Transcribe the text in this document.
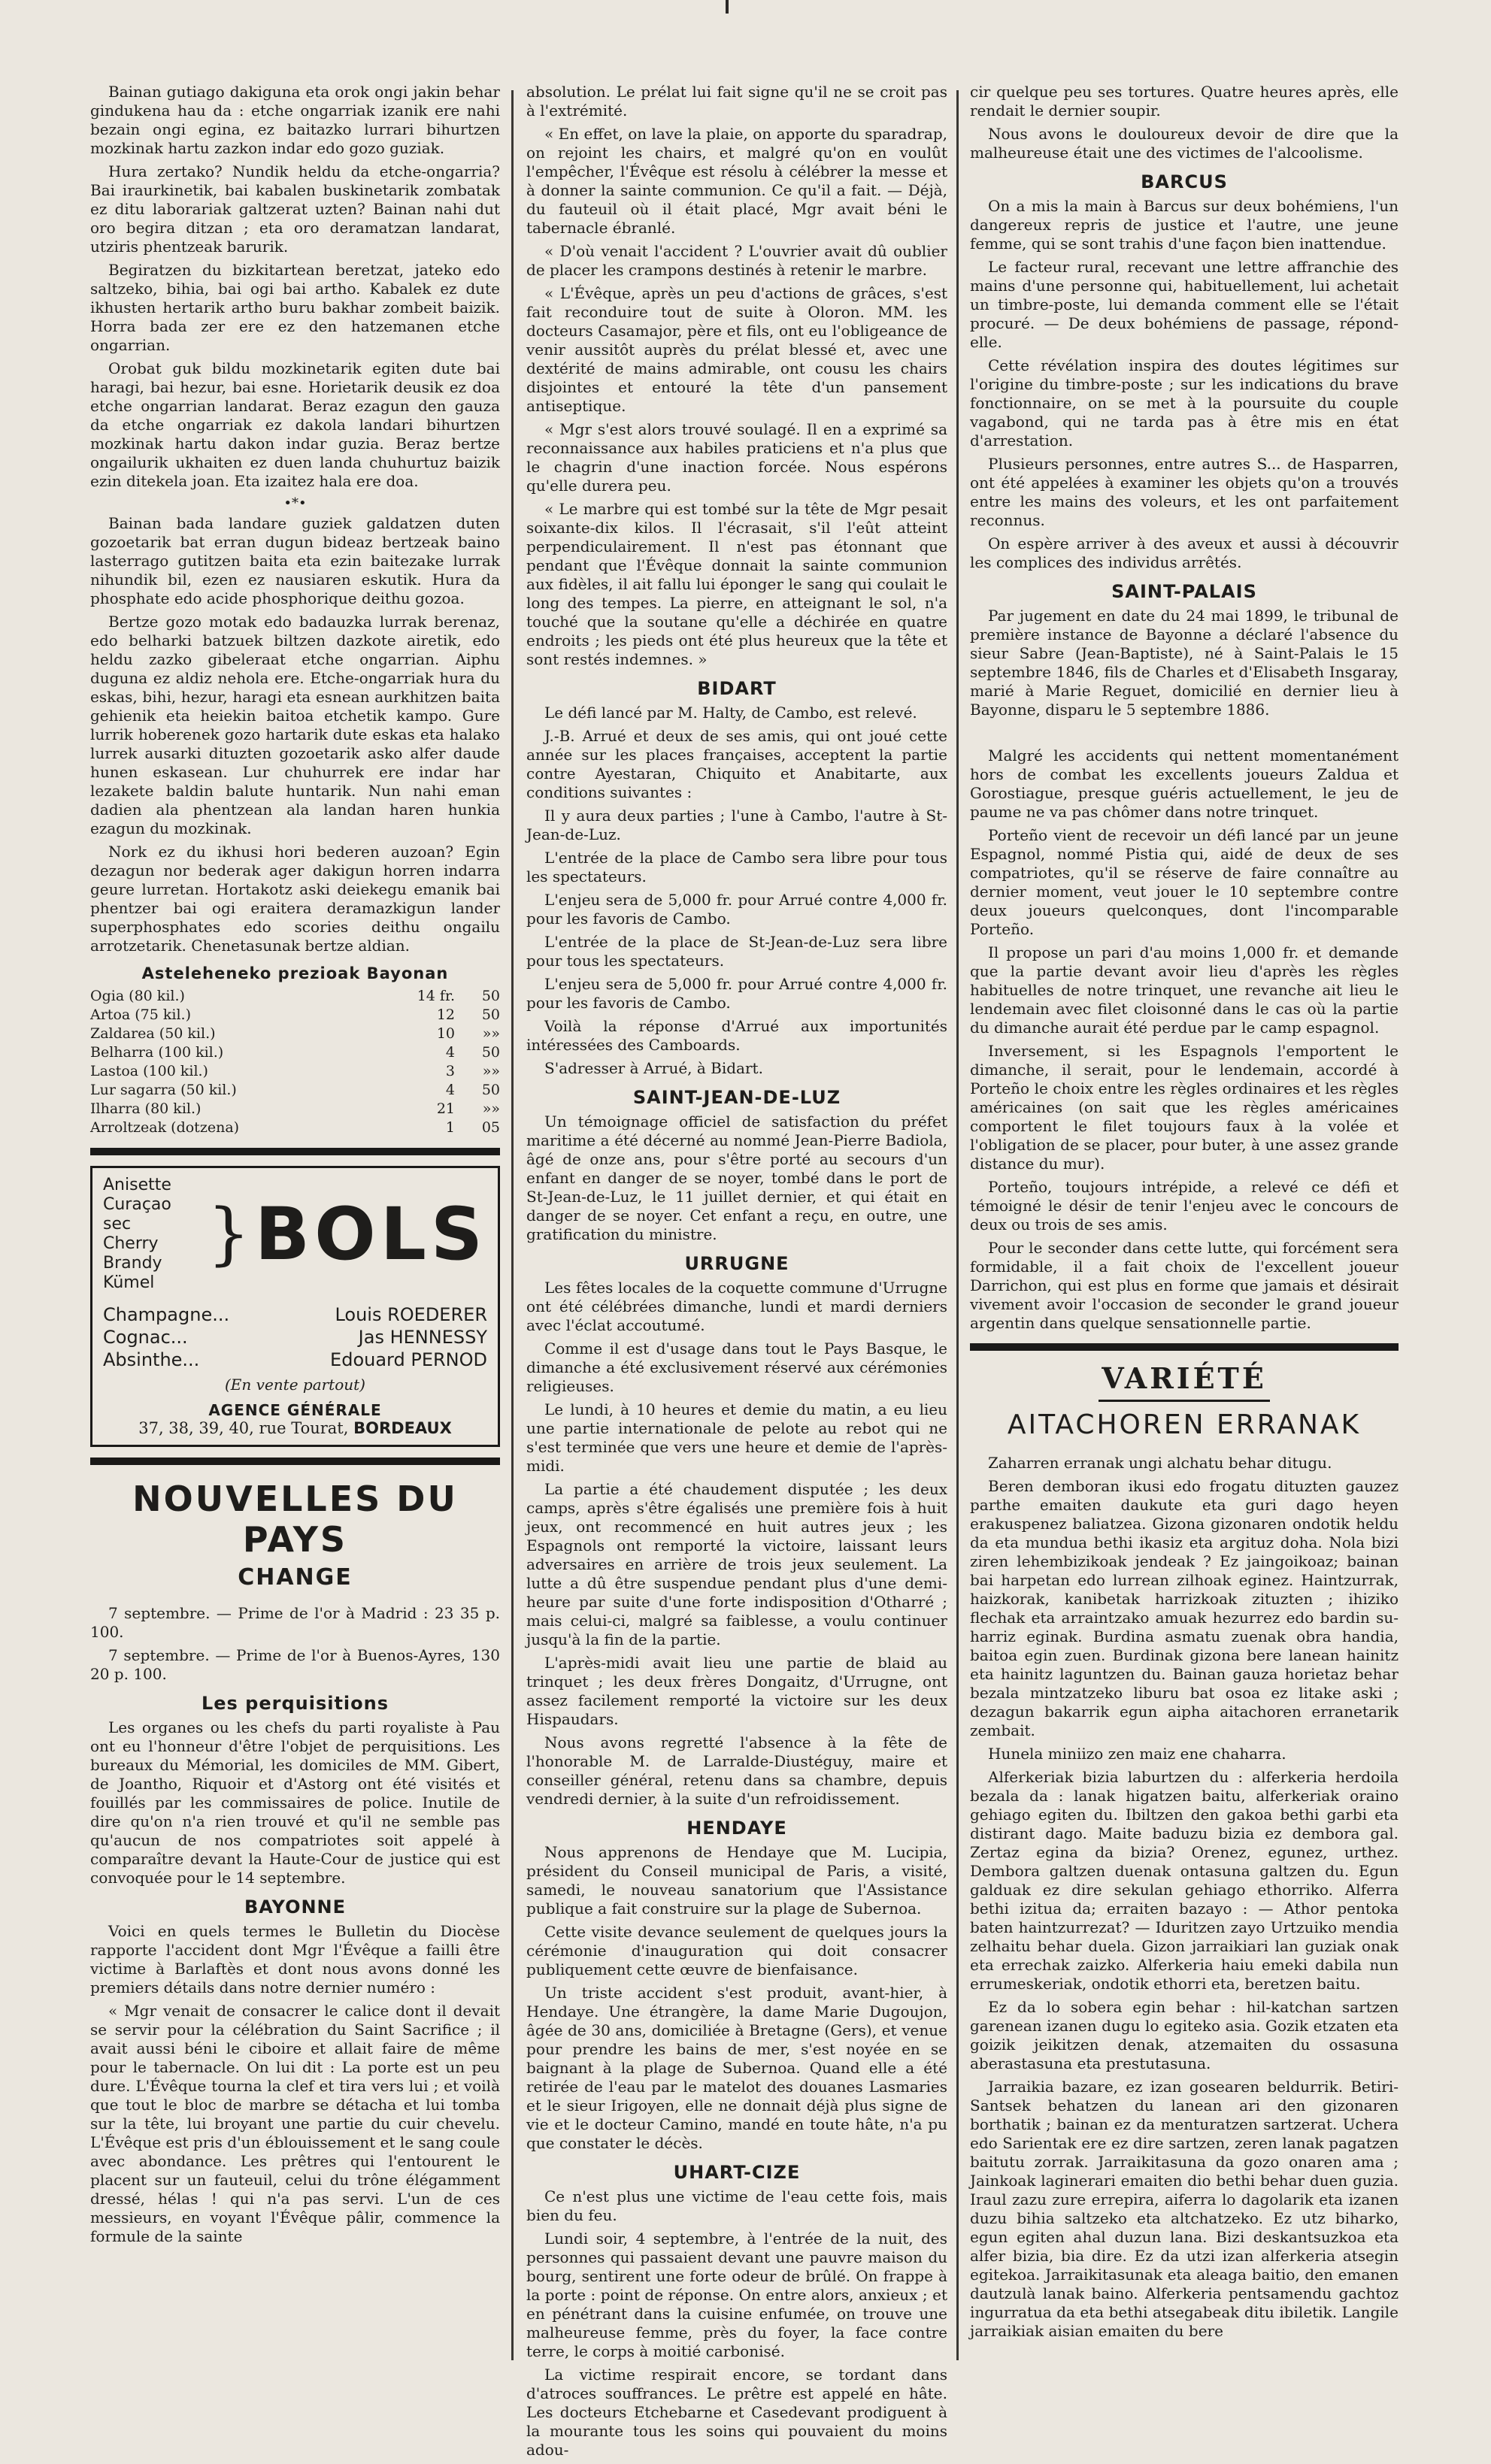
Bainan gutiago dakiguna eta orok ongi jakin behar gindukena hau da : etche ongarriak izanik ere nahi bezain ongi egina, ez baitazko lurrari bihurtzen mozkinak hartu zazkon indar edo gozo guziak.

Hura zertako? Nundik heldu da etche-ongarria? Bai iraurkinetik, bai kabalen buskinetarik zombatak ez ditu laborariak galtzerat uzten? Bainan nahi dut oro begira ditzan ; eta oro deramatzan landarat, utziris phentzeak barurik.

Begiratzen du bizkitartean beretzat, jateko edo saltzeko, bihia, bai ogi bai artho. Kabalek ez dute ikhusten hertarik artho buru bakhar zombeit baizik. Horra bada zer ere ez den hatzemanen etche ongarrian.

Orobat guk bildu mozkinetarik egiten dute bai haragi, bai hezur, bai esne. Horietarik deusik ez doa etche ongarrian landarat. Beraz ezagun den gauza da etche ongarriak ez dakola landari bihurtzen mozkinak hartu dakon indar guzia. Beraz bertze ongailurik ukhaiten ez duen landa chuhurtuz baizik ezin ditekela joan. Eta izaitez hala ere doa.

•*•

Bainan bada landare guziek galdatzen duten gozoetarik bat erran dugun bideaz bertzeak baino lasterrago gutitzen baita eta ezin baitezake lurrak nihundik bil, ezen ez nausiaren eskutik. Hura da phosphate edo acide phosphorique deithu gozoa.

Bertze gozo motak edo badauzka lurrak berenaz, edo belharki batzuek biltzen dazkote airetik, edo heldu zazko gibeleraat etche ongarrian. Aiphu duguna ez aldiz nehola ere. Etche-ongarriak hura du eskas, bihi, hezur, haragi eta esnean aurkhitzen baita gehienik eta heiekin baitoa etchetik kampo. Gure lurrik hoberenek gozo hartarik dute eskas eta halako lurrek ausarki dituzten gozoetarik asko alfer daude hunen eskasean. Lur chuhurrek ere indar har lezakete baldin balute huntarik. Nun nahi eman dadien ala phentzean ala landan haren hunkia ezagun du mozkinak.

Nork ez du ikhusi hori bederen auzoan? Egin dezagun nor bederak ager dakigun horren indarra geure lurretan. Hortakotz aski deiekegu emanik bai phentzer bai ogi eraitera deramazkigun lander superphosphates edo scories deithu ongailu arrotzetarik. Chenetasunak bertze aldian.

Asteleheneko prezioak Bayonan
Ogia (80 kil.)	14 fr.	50
Artoa (75 kil.)	12	50
Zaldarea (50 kil.)	10	»»
Belharra (100 kil.)	4	50
Lastoa (100 kil.)	3	»»
Lur sagarra (50 kil.)	4	50
Ilharra (80 kil.)	21	»»
Arroltzeak (dotzena)	1	05
Anisette
Curaçao sec
Cherry Brandy
Kümel
} BOLS
Champagne...	Louis ROEDERER
Cognac...	Jas HENNESSY
Absinthe...	Edouard PERNOD
(En vente partout)
AGENCE GÉNÉRALE
37, 38, 39, 40, rue Tourat, BORDEAUX
NOUVELLES DU PAYS
CHANGE

7 septembre. — Prime de l'or à Madrid : 23 35 p. 100.

7 septembre. — Prime de l'or à Buenos-Ayres, 130 20 p. 100.

Les perquisitions

Les organes ou les chefs du parti royaliste à Pau ont eu l'honneur d'être l'objet de perquisitions. Les bureaux du Mémorial, les domiciles de MM. Gibert, de Joantho, Riquoir et d'Astorg ont été visités et fouillés par les commissaires de police. Inutile de dire qu'on n'a rien trouvé et qu'il ne semble pas qu'aucun de nos compatriotes soit appelé à comparaître devant la Haute-Cour de justice qui est convoquée pour le 14 septembre.

BAYONNE

Voici en quels termes le Bulletin du Diocèse rapporte l'accident dont Mgr l'Évêque a failli être victime à Barlaftès et dont nous avons donné les premiers détails dans notre dernier numéro :

« Mgr venait de consacrer le calice dont il devait se servir pour la célébration du Saint Sacrifice ; il avait aussi béni le ciboire et allait faire de même pour le tabernacle. On lui dit : La porte est un peu dure. L'Évêque tourna la clef et tira vers lui ; et voilà que tout le bloc de marbre se détacha et lui tomba sur la tête, lui broyant une partie du cuir chevelu. L'Évêque est pris d'un éblouissement et le sang coule avec abondance. Les prêtres qui l'entourent le placent sur un fauteuil, celui du trône élégamment dressé, hélas ! qui n'a pas servi. L'un de ces messieurs, en voyant l'Évêque pâlir, commence la formule de la sainte

absolution. Le prélat lui fait signe qu'il ne se croit pas à l'extrémité.

« En effet, on lave la plaie, on apporte du sparadrap, on rejoint les chairs, et malgré qu'on en voulût l'empêcher, l'Évêque est résolu à célébrer la messe et à donner la sainte communion. Ce qu'il a fait. — Déjà, du fauteuil où il était placé, Mgr avait béni le tabernacle ébranlé.

« D'où venait l'accident ? L'ouvrier avait dû oublier de placer les crampons destinés à retenir le marbre.

« L'Évêque, après un peu d'actions de grâces, s'est fait reconduire tout de suite à Oloron. MM. les docteurs Casamajor, père et fils, ont eu l'obligeance de venir aussitôt auprès du prélat blessé et, avec une dextérité de mains admirable, ont cousu les chairs disjointes et entouré la tête d'un pansement antiseptique.

« Mgr s'est alors trouvé soulagé. Il en a exprimé sa reconnaissance aux habiles praticiens et n'a plus que le chagrin d'une inaction forcée. Nous espérons qu'elle durera peu.

« Le marbre qui est tombé sur la tête de Mgr pesait soixante-dix kilos. Il l'écrasait, s'il l'eût atteint perpendiculairement. Il n'est pas étonnant que pendant que l'Évêque donnait la sainte communion aux fidèles, il ait fallu lui éponger le sang qui coulait le long des tempes. La pierre, en atteignant le sol, n'a touché que la soutane qu'elle a déchirée en quatre endroits ; les pieds ont été plus heureux que la tête et sont restés indemnes. »

BIDART

Le défi lancé par M. Halty, de Cambo, est relevé.

J.-B. Arrué et deux de ses amis, qui ont joué cette année sur les places françaises, acceptent la partie contre Ayestaran, Chiquito et Anabitarte, aux conditions suivantes :

Il y aura deux parties ; l'une à Cambo, l'autre à St-Jean-de-Luz.

L'entrée de la place de Cambo sera libre pour tous les spectateurs.

L'enjeu sera de 5,000 fr. pour Arrué contre 4,000 fr. pour les favoris de Cambo.

L'entrée de la place de St-Jean-de-Luz sera libre pour tous les spectateurs.

L'enjeu sera de 5,000 fr. pour Arrué contre 4,000 fr. pour les favoris de Cambo.

Voilà la réponse d'Arrué aux importunités intéressées des Camboards.

S'adresser à Arrué, à Bidart.

SAINT-JEAN-DE-LUZ

Un témoignage officiel de satisfaction du préfet maritime a été décerné au nommé Jean-Pierre Badiola, âgé de onze ans, pour s'être porté au secours d'un enfant en danger de se noyer, tombé dans le port de St-Jean-de-Luz, le 11 juillet dernier, et qui était en danger de se noyer. Cet enfant a reçu, en outre, une gratification du ministre.

URRUGNE

Les fêtes locales de la coquette commune d'Urrugne ont été célébrées dimanche, lundi et mardi derniers avec l'éclat accoutumé.

Comme il est d'usage dans tout le Pays Basque, le dimanche a été exclusivement réservé aux cérémonies religieuses.

Le lundi, à 10 heures et demie du matin, a eu lieu une partie internationale de pelote au rebot qui ne s'est terminée que vers une heure et demie de l'après-midi.

La partie a été chaudement disputée ; les deux camps, après s'être égalisés une première fois à huit jeux, ont recommencé en huit autres jeux ; les Espagnols ont remporté la victoire, laissant leurs adversaires en arrière de trois jeux seulement. La lutte a dû être suspendue pendant plus d'une demi-heure par suite d'une forte indisposition d'Otharré ; mais celui-ci, malgré sa faiblesse, a voulu continuer jusqu'à la fin de la partie.

L'après-midi avait lieu une partie de blaid au trinquet ; les deux frères Dongaitz, d'Urrugne, ont assez facilement remporté la victoire sur les deux Hispaudars.

Nous avons regretté l'absence à la fête de l'honorable M. de Larralde-Diustéguy, maire et conseiller général, retenu dans sa chambre, depuis vendredi dernier, à la suite d'un refroidissement.

HENDAYE

Nous apprenons de Hendaye que M. Lucipia, président du Conseil municipal de Paris, a visité, samedi, le nouveau sanatorium que l'Assistance publique a fait construire sur la plage de Subernoa.

Cette visite devance seulement de quelques jours la cérémonie d'inauguration qui doit consacrer publiquement cette œuvre de bienfaisance.

Un triste accident s'est produit, avant-hier, à Hendaye. Une étrangère, la dame Marie Dugoujon, âgée de 30 ans, domiciliée à Bretagne (Gers), et venue pour prendre les bains de mer, s'est noyée en se baignant à la plage de Subernoa. Quand elle a été retirée de l'eau par le matelot des douanes Lasmaries et le sieur Irigoyen, elle ne donnait déjà plus signe de vie et le docteur Camino, mandé en toute hâte, n'a pu que constater le décès.

UHART-CIZE

Ce n'est plus une victime de l'eau cette fois, mais bien du feu.

Lundi soir, 4 septembre, à l'entrée de la nuit, des personnes qui passaient devant une pauvre maison du bourg, sentirent une forte odeur de brûlé. On frappe à la porte : point de réponse. On entre alors, anxieux ; et en pénétrant dans la cuisine enfumée, on trouve une malheureuse femme, près du foyer, la face contre terre, le corps à moitié carbonisé.

La victime respirait encore, se tordant dans d'atroces souffrances. Le prêtre est appelé en hâte. Les docteurs Etchebarne et Casedevant prodiguent à la mourante tous les soins qui pouvaient du moins adou-

cir quelque peu ses tortures. Quatre heures après, elle rendait le dernier soupir.

Nous avons le douloureux devoir de dire que la malheureuse était une des victimes de l'alcoolisme.

BARCUS

On a mis la main à Barcus sur deux bohémiens, l'un dangereux repris de justice et l'autre, une jeune femme, qui se sont trahis d'une façon bien inattendue.

Le facteur rural, recevant une lettre affranchie des mains d'une personne qui, habituellement, lui achetait un timbre-poste, lui demanda comment elle se l'était procuré. — De deux bohémiens de passage, répond-elle.

Cette révélation inspira des doutes légitimes sur l'origine du timbre-poste ; sur les indications du brave fonctionnaire, on se met à la poursuite du couple vagabond, qui ne tarda pas à être mis en état d'arrestation.

Plusieurs personnes, entre autres S... de Hasparren, ont été appelées à examiner les objets qu'on a trouvés entre les mains des voleurs, et les ont parfaitement reconnus.

On espère arriver à des aveux et aussi à découvrir les complices des individus arrêtés.

SAINT-PALAIS

Par jugement en date du 24 mai 1899, le tribunal de première instance de Bayonne a déclaré l'absence du sieur Sabre (Jean-Baptiste), né à Saint-Palais le 15 septembre 1846, fils de Charles et d'Elisabeth Insgaray, marié à Marie Reguet, domicilié en dernier lieu à Bayonne, disparu le 5 septembre 1886.

Malgré les accidents qui nettent momentanément hors de combat les excellents joueurs Zaldua et Gorostiague, presque guéris actuellement, le jeu de paume ne va pas chômer dans notre trinquet.

Porteño vient de recevoir un défi lancé par un jeune Espagnol, nommé Pistia qui, aidé de deux de ses compatriotes, qu'il se réserve de faire connaître au dernier moment, veut jouer le 10 septembre contre deux joueurs quelconques, dont l'incomparable Porteño.

Il propose un pari d'au moins 1,000 fr. et demande que la partie devant avoir lieu d'après les règles habituelles de notre trinquet, une revanche ait lieu le lendemain avec filet cloisonné dans le cas où la partie du dimanche aurait été perdue par le camp espagnol.

Inversement, si les Espagnols l'emportent le dimanche, il serait, pour le lendemain, accordé à Porteño le choix entre les règles ordinaires et les règles américaines (on sait que les règles américaines comportent le filet toujours faux à la volée et l'obligation de se placer, pour buter, à une assez grande distance du mur).

Porteño, toujours intrépide, a relevé ce défi et témoigné le désir de tenir l'enjeu avec le concours de deux ou trois de ses amis.

Pour le seconder dans cette lutte, qui forcément sera formidable, il a fait choix de l'excellent joueur Darrichon, qui est plus en forme que jamais et désirait vivement avoir l'occasion de seconder le grand joueur argentin dans quelque sensationnelle partie.

VARIÉTÉ
AITACHOREN ERRANAK

Zaharren erranak ungi alchatu behar ditugu.

Beren demboran ikusi edo frogatu dituzten gauzez parthe emaiten daukute eta guri dago heyen erakuspenez baliatzea. Gizona gizonaren ondotik heldu da eta mundua bethi ikasiz eta argituz doha. Nola bizi ziren lehembizikoak jendeak ? Ez jaingoikoaz; bainan bai harpetan edo lurrean zilhoak eginez. Haintzurrak, haizkorak, kanibetak harrizkoak zituzten ; ihiziko flechak eta arraintzako amuak hezurrez edo bardin su-harriz eginak. Burdina asmatu zuenak obra handia, baitoa egin zuen. Burdinak gizona bere lanean hainitz eta hainitz laguntzen du. Bainan gauza horietaz behar bezala mintzatzeko liburu bat osoa ez litake aski ; dezagun bakarrik egun aipha aitachoren erranetarik zembait.

Hunela miniizo zen maiz ene chaharra.

Alferkeriak bizia laburtzen du : alferkeria herdoila bezala da : lanak higatzen baitu, alferkeriak oraino gehiago egiten du. Ibiltzen den gakoa bethi garbi eta distirant dago. Maite baduzu bizia ez dembora gal. Zertaz egina da bizia? Orenez, egunez, urthez. Dembora galtzen duenak ontasuna galtzen du. Egun galduak ez dire sekulan gehiago ethorriko. Alferra bethi izitua da; erraiten bazayo : — Athor pentoka baten haintzurrezat? — Iduritzen zayo Urtzuiko mendia zelhaitu behar duela. Gizon jarraikiari lan guziak onak eta errechak zaizko. Alferkeria haiu emeki dabila nun errumeskeriak, ondotik ethorri eta, beretzen baitu.

Ez da lo sobera egin behar : hil-katchan sartzen garenean izanen dugu lo egiteko asia. Gozik etzaten eta goizik jeikitzen denak, atzemaiten du ossasuna aberastasuna eta prestutasuna.

Jarraikia bazare, ez izan gosearen beldurrik. Betiri-Santsek behatzen du lanean ari den gizonaren borthatik ; bainan ez da menturatzen sartzerat. Uchera edo Sarientak ere ez dire sartzen, zeren lanak pagatzen baitutu zorrak. Jarraikitasuna da gozo onaren ama ; Jainkoak laginerari emaiten dio bethi behar duen guzia. Iraul zazu zure errepira, aiferra lo dagolarik eta izanen duzu bihia saltzeko eta altchatzeko. Ez utz biharko, egun egiten ahal duzun lana. Bizi deskantsuzkoa eta alfer bizia, bia dire. Ez da utzi izan alferkeria atsegin egitekoa. Jarraikitasunak eta aleaga baitio, den emanen dautzulà lanak baino. Alferkeria pentsamendu gachtoz ingurratua da eta bethi atsegabeak ditu ibiletik. Langile jarraikiak aisian emaiten du bere
